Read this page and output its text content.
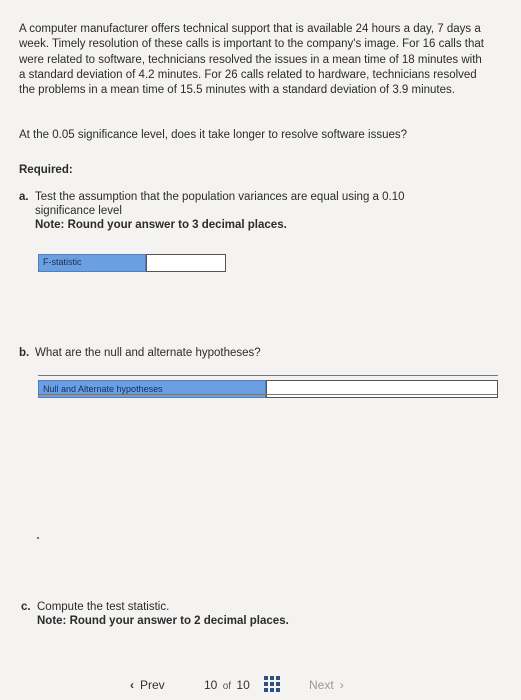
A computer manufacturer offers technical support that is available 24 hours a day, 7 days a week. Timely resolution of these calls is important to the company's image. For 16 calls that were related to software, technicians resolved the issues in a mean time of 18 minutes with a standard deviation of 4.2 minutes. For 26 calls related to hardware, technicians resolved the problems in a mean time of 15.5 minutes with a standard deviation of 3.9 minutes.
At the 0.05 significance level, does it take longer to resolve software issues?
Required:
a. Test the assumption that the population variances are equal using a 0.10 significance level
Note: Round your answer to 3 decimal places.
F-statistic
b. What are the null and alternate hypotheses?
Null and Alternate hypotheses
c. Compute the test statistic.
Note: Round your answer to 2 decimal places.
‹ Prev	10 of 10	Next ›
